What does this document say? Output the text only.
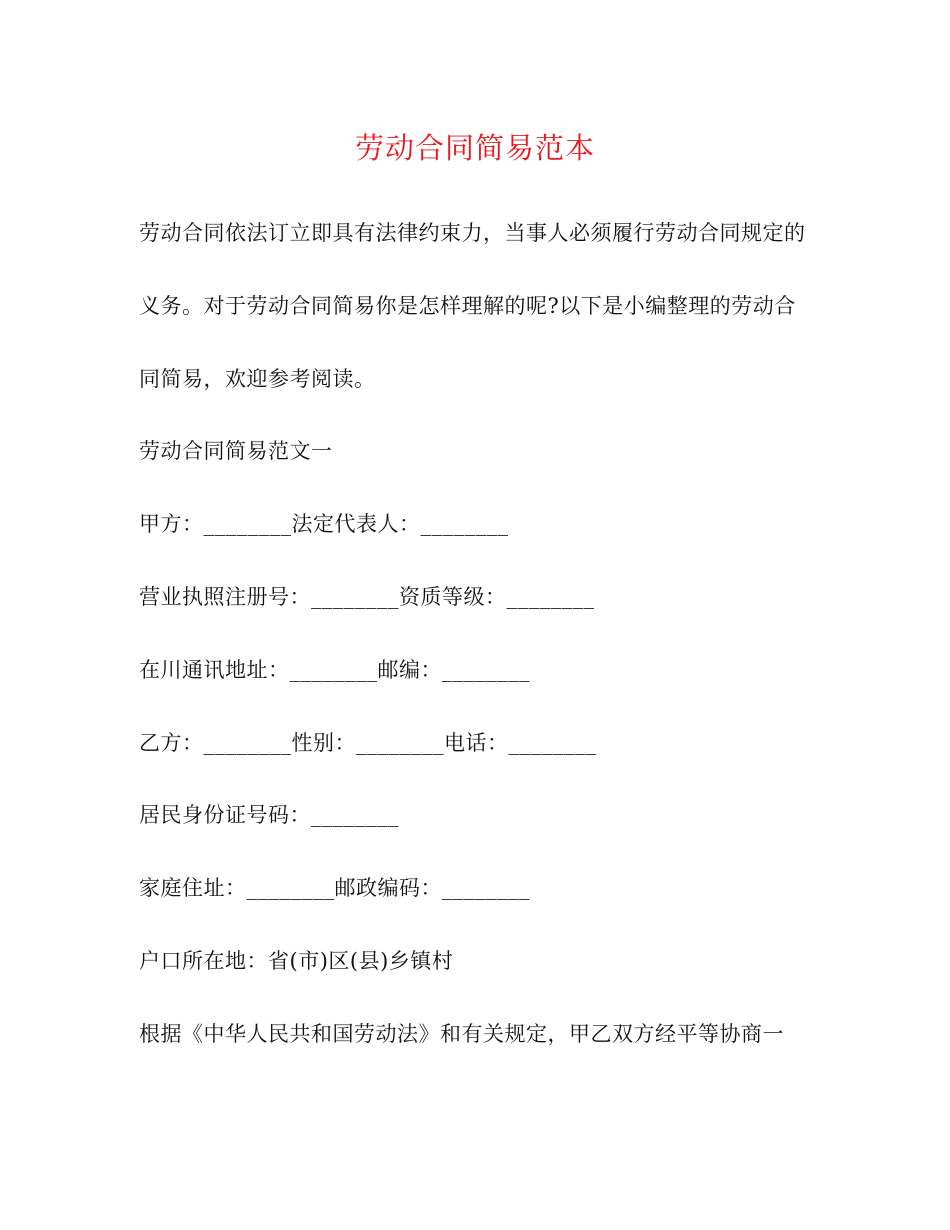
劳动合同简易范本
劳动合同依法订立即具有法律约束力，当事人必须履行劳动合同规定的
义务。对于劳动合同简易你是怎样理解的呢?以下是小编整理的劳动合
同简易，欢迎参考阅读。
劳动合同简易范文一
甲方：________法定代表人：________
营业执照注册号：________资质等级：________
在川通讯地址：________邮编：________
乙方：________性别：________电话：________
居民身份证号码：________
家庭住址：________邮政编码：________
户口所在地：省(市)区(县)乡镇村
根据《中华人民共和国劳动法》和有关规定，甲乙双方经平等协商一
